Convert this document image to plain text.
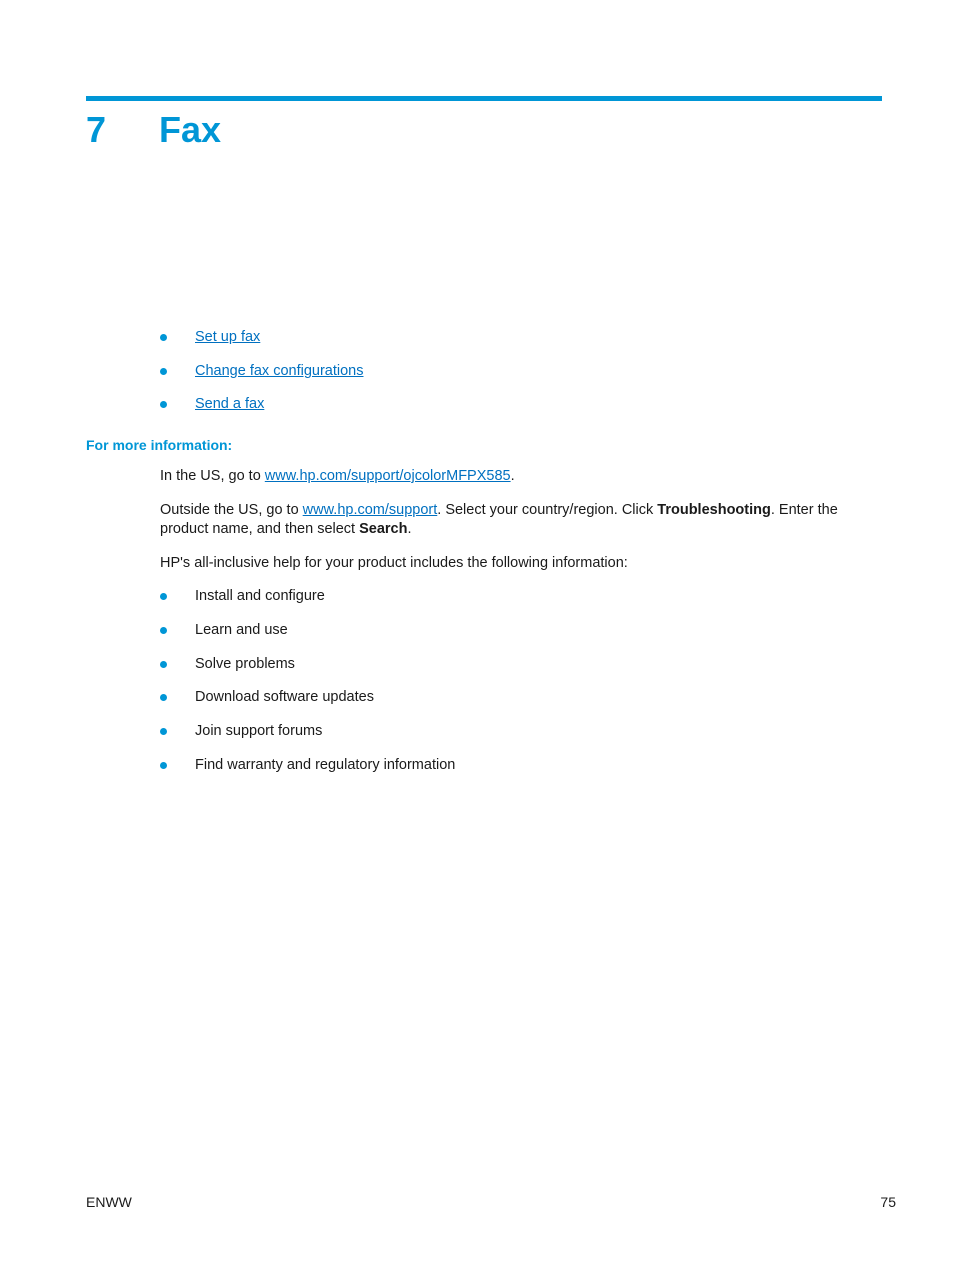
7 Fax
Set up fax
Change fax configurations
Send a fax
For more information:

In the US, go to www.hp.com/support/ojcolorMFPX585.

Outside the US, go to www.hp.com/support. Select your country/region. Click Troubleshooting. Enter the product name, and then select Search.

HP's all-inclusive help for your product includes the following information:

Install and configure
Learn and use
Solve problems
Download software updates
Join support forums
Find warranty and regulatory information
ENWW	75
